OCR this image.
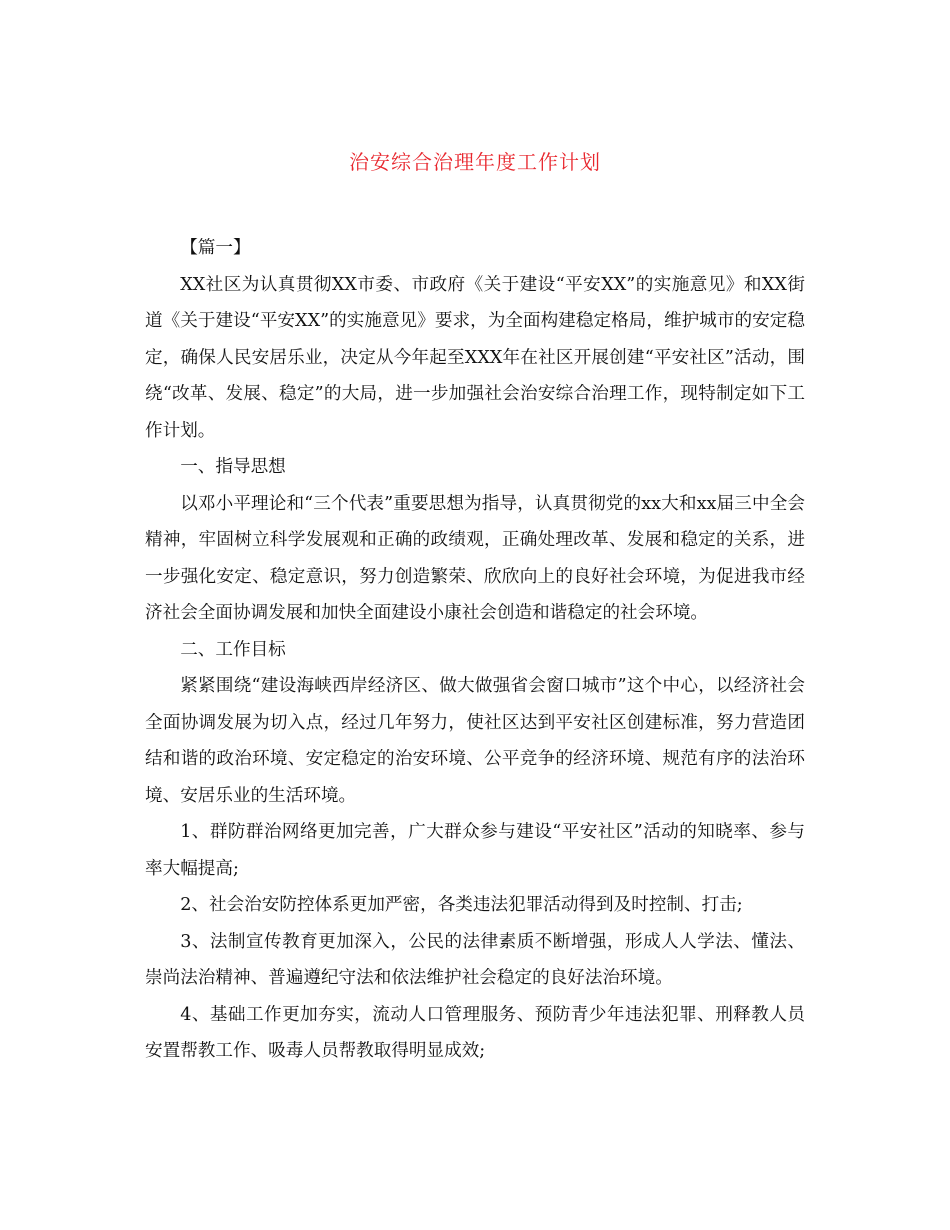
治安综合治理年度工作计划

【篇一】

XX社区为认真贯彻XX市委、市政府《关于建设“平安XX”的实施意见》和XX街道《关于建设“平安XX”的实施意见》要求，为全面构建稳定格局，维护城市的安定稳定，确保人民安居乐业，决定从今年起至XXX年在社区开展创建“平安社区”活动，围绕“改革、发展、稳定”的大局，进一步加强社会治安综合治理工作，现特制定如下工作计划。

一、指导思想

以邓小平理论和“三个代表”重要思想为指导，认真贯彻党的xx大和xx届三中全会精神，牢固树立科学发展观和正确的政绩观，正确处理改革、发展和稳定的关系，进一步强化安定、稳定意识，努力创造繁荣、欣欣向上的良好社会环境，为促进我市经济社会全面协调发展和加快全面建设小康社会创造和谐稳定的社会环境。

二、工作目标

紧紧围绕“建设海峡西岸经济区、做大做强省会窗口城市”这个中心，以经济社会全面协调发展为切入点，经过几年努力，使社区达到平安社区创建标准，努力营造团结和谐的政治环境、安定稳定的治安环境、公平竞争的经济环境、规范有序的法治环境、安居乐业的生活环境。

1、群防群治网络更加完善，广大群众参与建设“平安社区”活动的知晓率、参与率大幅提高;

2、社会治安防控体系更加严密，各类违法犯罪活动得到及时控制、打击;

3、法制宣传教育更加深入，公民的法律素质不断增强，形成人人学法、懂法、崇尚法治精神、普遍遵纪守法和依法维护社会稳定的良好法治环境。

4、基础工作更加夯实，流动人口管理服务、预防青少年违法犯罪、刑释教人员安置帮教工作、吸毒人员帮教取得明显成效;
